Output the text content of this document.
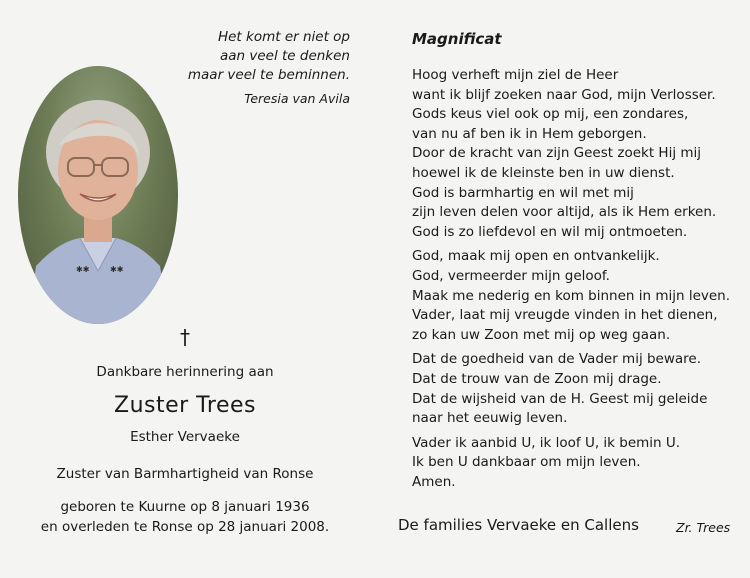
Het komt er niet op
aan veel te denken
maar veel te beminnen.
Teresia van Avila
✱✱	✱✱
†
Dankbare herinnering aan
Zuster Trees
Esther Vervaeke
Zuster van Barmhartigheid van Ronse
geboren te Kuurne op 8 januari 1936
en overleden te Ronse op 28 januari 2008.
Magnificat
Hoog verheft mijn ziel de Heer
want ik blijf zoeken naar God, mijn Verlosser.
Gods keus viel ook op mij, een zondares,
van nu af ben ik in Hem geborgen.
Door de kracht van zijn Geest zoekt Hij mij
hoewel ik de kleinste ben in uw dienst.
God is barmhartig en wil met mij
zijn leven delen voor altijd, als ik Hem erken.
God is zo liefdevol en wil mij ontmoeten.
God, maak mij open en ontvankelijk.
God, vermeerder mijn geloof.
Maak me nederig en kom binnen in mijn leven.
Vader, laat mij vreugde vinden in het dienen,
zo kan uw Zoon met mij op weg gaan.
Dat de goedheid van de Vader mij beware.
Dat de trouw van de Zoon mij drage.
Dat de wijsheid van de H. Geest mij geleide
naar het eeuwig leven.
Vader ik aanbid U, ik loof U, ik bemin U.
Ik ben U dankbaar om mijn leven.
Amen.
De families Vervaeke en Callens	Zr. Trees
